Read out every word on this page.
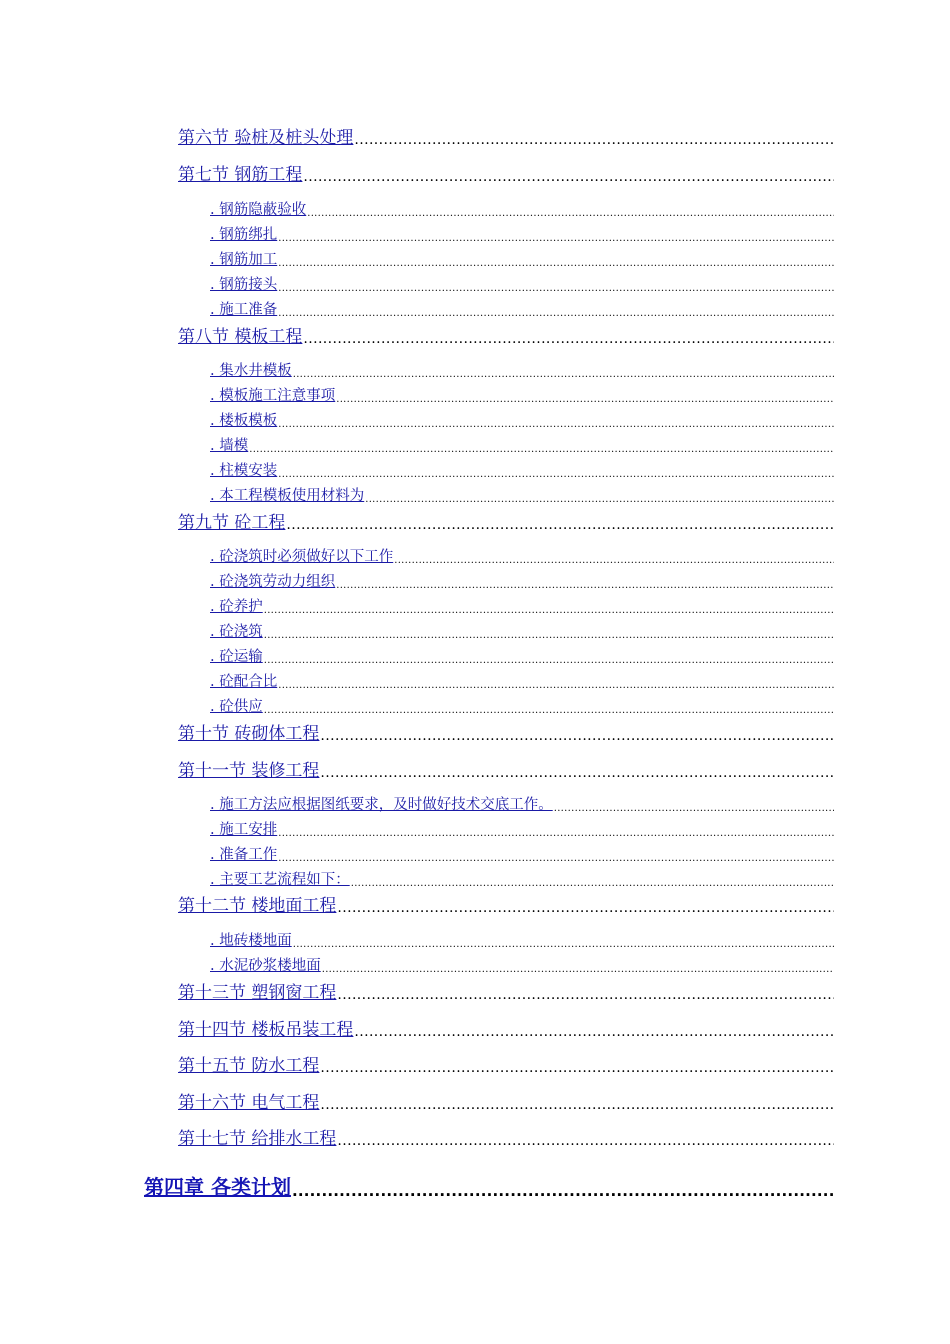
第六节 验桩及桩头处理
.....
第七节 钢筋工程
.....
. 钢筋隐蔽验收
.....
. 钢筋绑扎
.....
. 钢筋加工
.....
. 钢筋接头
.....
. 施工准备
.....
第八节 模板工程
.....
. 集水井模板
.....
. 模板施工注意事项
.....
. 楼板模板
.....
. 墙模
.....
. 柱模安装
.....
. 本工程模板使用材料为
.....
第九节 砼工程
.....
. 砼浇筑时必须做好以下工作
.....
. 砼浇筑劳动力组织
.....
. 砼养护
.....
. 砼浇筑
.....
. 砼运输
.....
. 砼配合比
.....
. 砼供应
.....
第十节 砖砌体工程
.....
第十一节 装修工程
.....
. 施工方法应根据图纸要求，及时做好技术交底工作。
.....
. 施工安排
.....
. 准备工作
.....
. 主要工艺流程如下：
.....
第十二节 楼地面工程
.....
. 地砖楼地面
.....
. 水泥砂浆楼地面
.....
第十三节 塑钢窗工程
.....
第十四节 楼板吊装工程
.....
第十五节 防水工程
.....
第十六节 电气工程
.....
第十七节 给排水工程
.....
第四章 各类计划
.....
